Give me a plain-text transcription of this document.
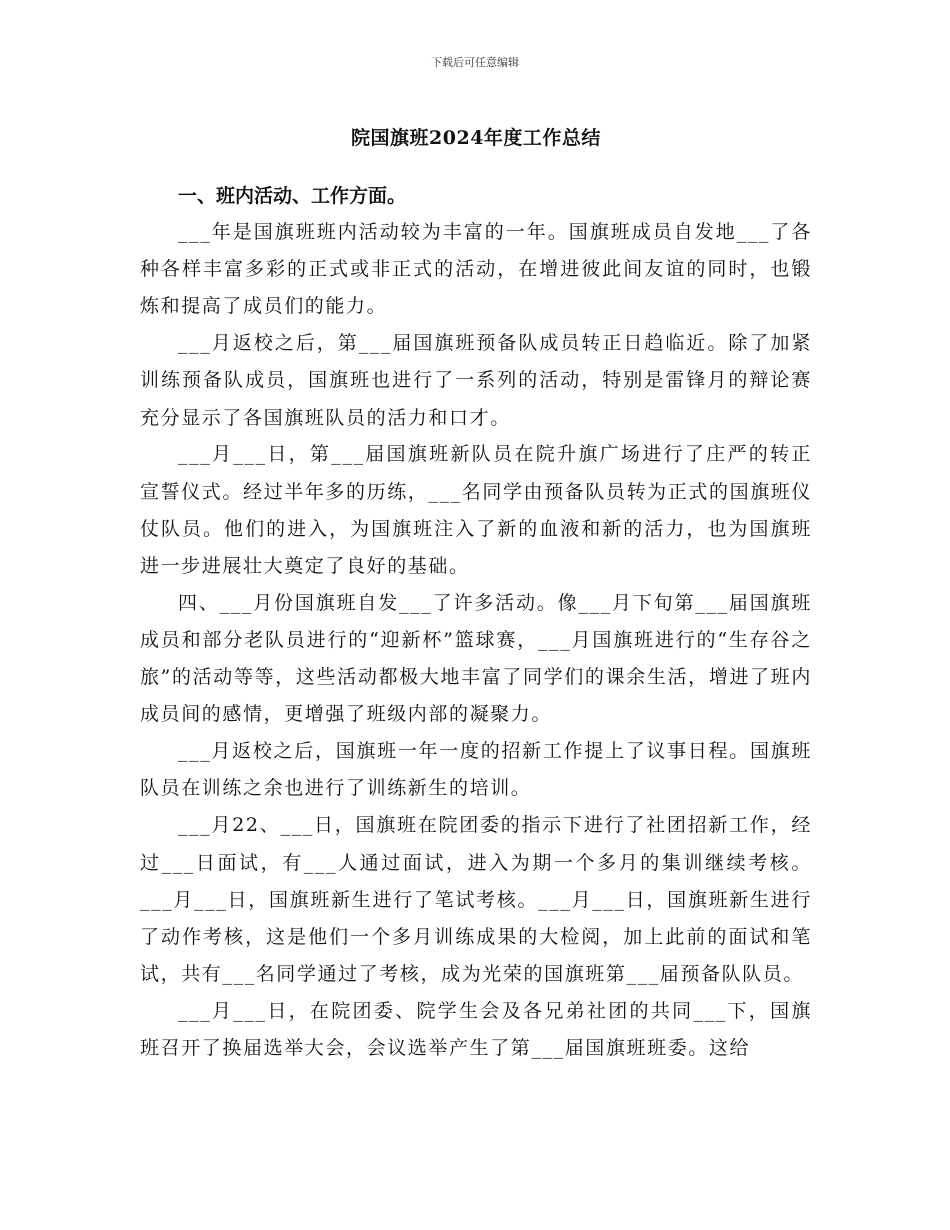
下载后可任意编辑
院国旗班2024年度工作总结

一、班内活动、工作方面。

___年是国旗班班内活动较为丰富的一年。国旗班成员自发地___了各种各样丰富多彩的正式或非正式的活动，在增进彼此间友谊的同时，也锻炼和提高了成员们的能力。

___月返校之后，第___届国旗班预备队成员转正日趋临近。除了加紧训练预备队成员，国旗班也进行了一系列的活动，特别是雷锋月的辩论赛充分显示了各国旗班队员的活力和口才。

___月___日，第___届国旗班新队员在院升旗广场进行了庄严的转正宣誓仪式。经过半年多的历练，___名同学由预备队员转为正式的国旗班仪仗队员。他们的进入，为国旗班注入了新的血液和新的活力，也为国旗班进一步进展壮大奠定了良好的基础。

四、___月份国旗班自发___了许多活动。像___月下旬第___届国旗班成员和部分老队员进行的“迎新杯”篮球赛，___月国旗班进行的“生存谷之旅”的活动等等，这些活动都极大地丰富了同学们的课余生活，增进了班内成员间的感情，更增强了班级内部的凝聚力。

___月返校之后，国旗班一年一度的招新工作提上了议事日程。国旗班队员在训练之余也进行了训练新生的培训。

___月22、___日，国旗班在院团委的指示下进行了社团招新工作，经过___日面试，有___人通过面试，进入为期一个多月的集训继续考核。___月___日，国旗班新生进行了笔试考核。___月___日，国旗班新生进行了动作考核，这是他们一个多月训练成果的大检阅，加上此前的面试和笔试，共有___名同学通过了考核，成为光荣的国旗班第___届预备队队员。

___月___日，在院团委、院学生会及各兄弟社团的共同___下，国旗班召开了换届选举大会，会议选举产生了第___届国旗班班委。这给
